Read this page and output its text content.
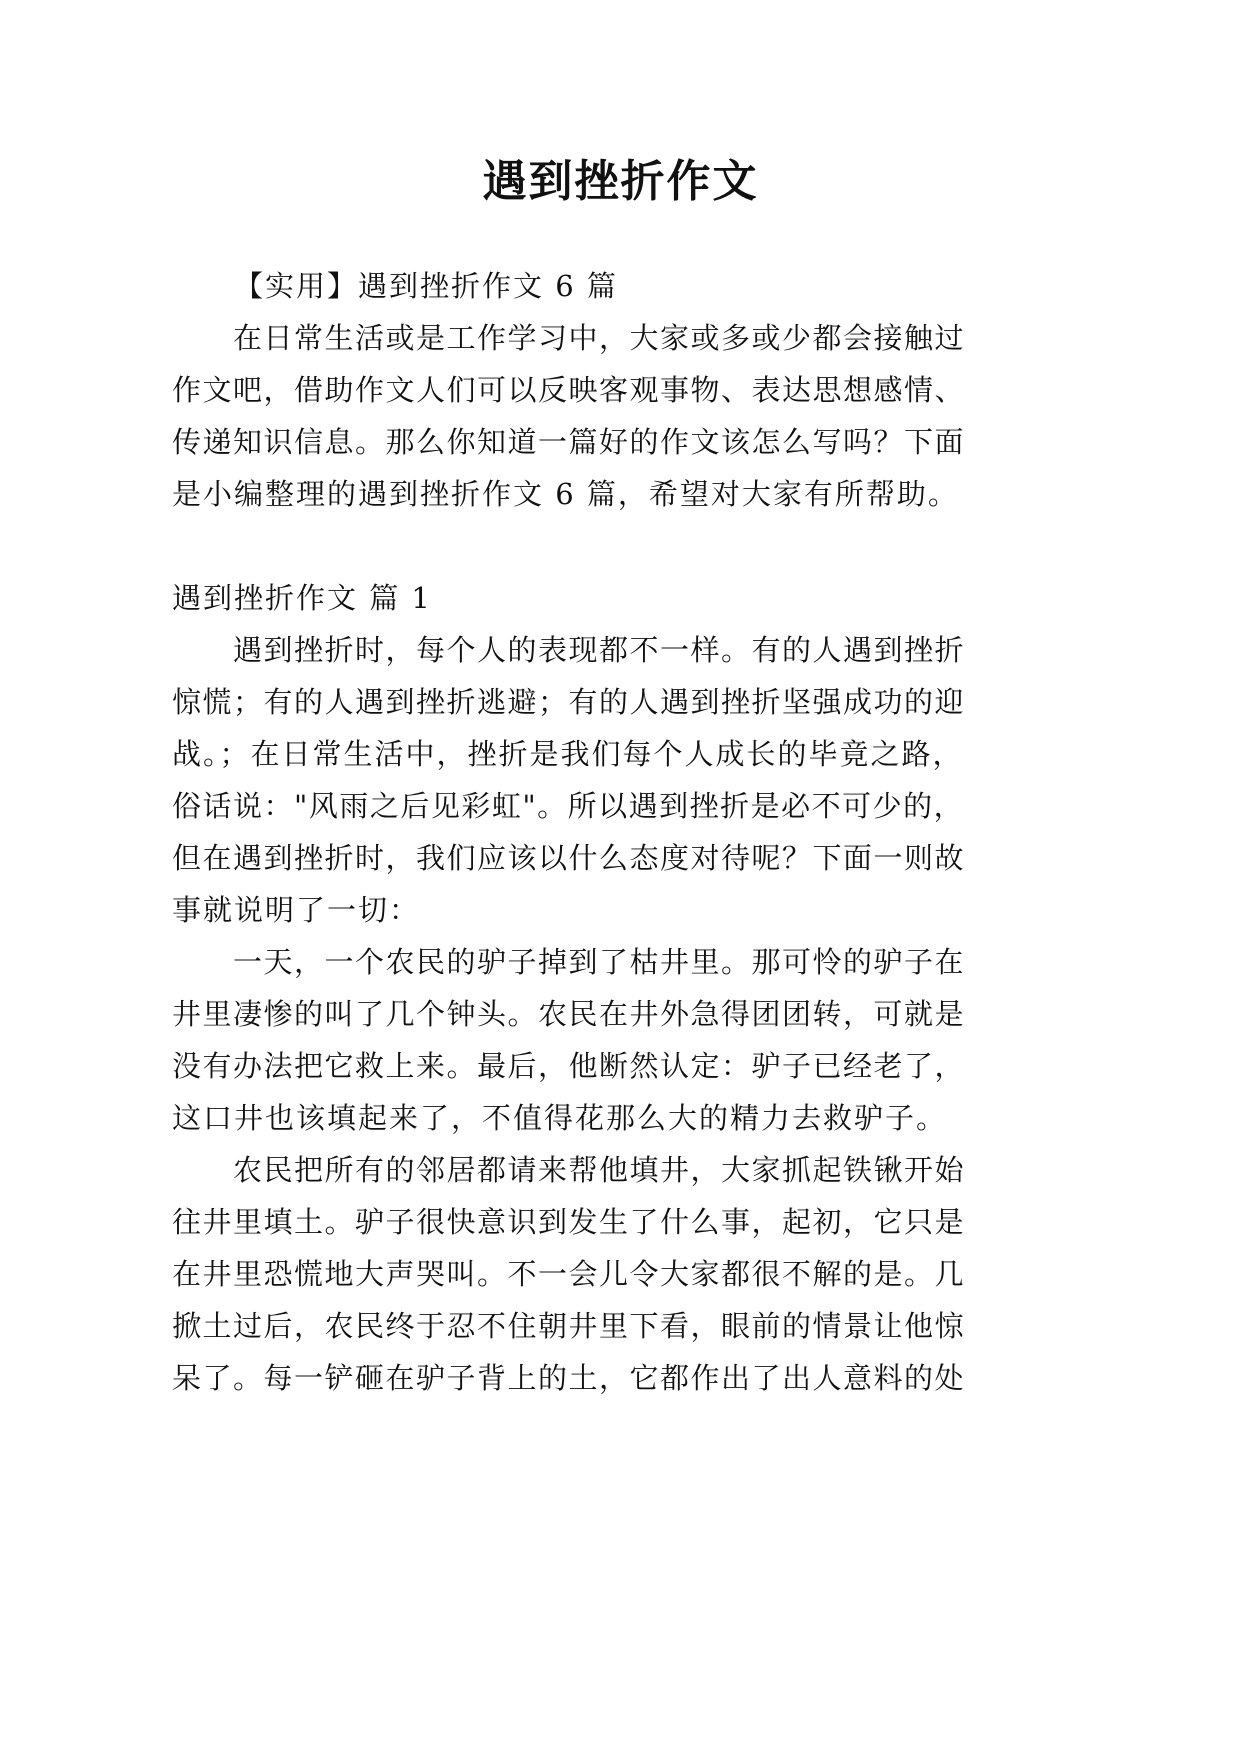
遇到挫折作文
【实用】遇到挫折作文 6 篇
在日常生活或是工作学习中，大家或多或少都会接触过
作文吧，借助作文人们可以反映客观事物、表达思想感情、
传递知识信息。那么你知道一篇好的作文该怎么写吗？下面
是小编整理的遇到挫折作文 6 篇，希望对大家有所帮助。
遇到挫折作文 篇 1
遇到挫折时，每个人的表现都不一样。有的人遇到挫折
惊慌；有的人遇到挫折逃避；有的人遇到挫折坚强成功的迎
战。；在日常生活中，挫折是我们每个人成长的毕竟之路，
俗话说："风雨之后见彩虹"。所以遇到挫折是必不可少的，
但在遇到挫折时，我们应该以什么态度对待呢？下面一则故
事就说明了一切：
一天，一个农民的驴子掉到了枯井里。那可怜的驴子在
井里凄惨的叫了几个钟头。农民在井外急得团团转，可就是
没有办法把它救上来。最后，他断然认定：驴子已经老了，
这口井也该填起来了，不值得花那么大的精力去救驴子。
农民把所有的邻居都请来帮他填井，大家抓起铁锹开始
往井里填土。驴子很快意识到发生了什么事，起初，它只是
在井里恐慌地大声哭叫。不一会儿令大家都很不解的是。几
掀土过后，农民终于忍不住朝井里下看，眼前的情景让他惊
呆了。每一铲砸在驴子背上的土，它都作出了出人意料的处
